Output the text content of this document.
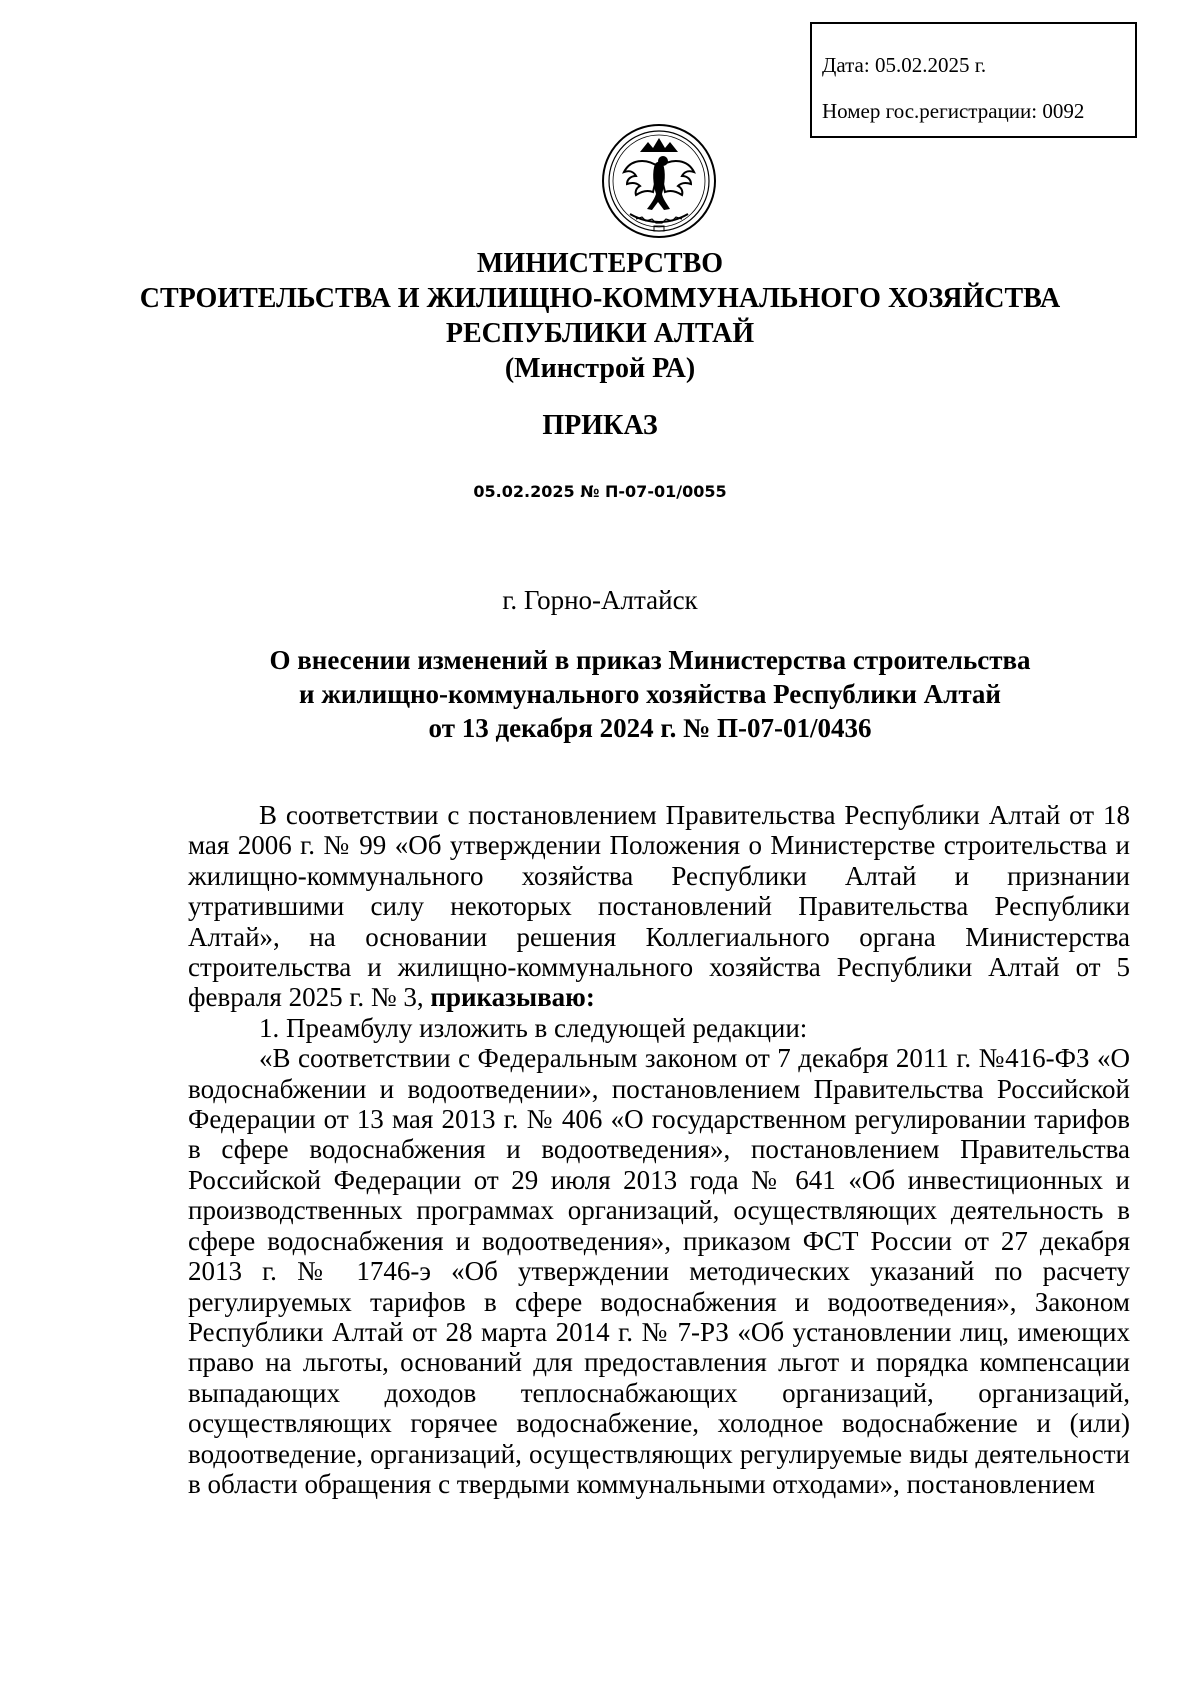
Дата: 05.02.2025 г.
Номер гос.регистрации: 0092
МИНИСТЕРСТВО
СТРОИТЕЛЬСТВА И ЖИЛИЩНО-КОММУНАЛЬНОГО ХОЗЯЙСТВА
РЕСПУБЛИКИ АЛТАЙ
(Минстрой РА)
ПРИКАЗ
05.02.2025 № П-07-01/0055
г. Горно-Алтайск
О внесении изменений в приказ Министерства строительства
и жилищно-коммунального хозяйства Республики Алтай
от 13 декабря 2024 г. № П-07-01/0436

В соответствии с постановлением Правительства Республики Алтай от 18 мая 2006 г. № 99 «Об утверждении Положения о Министерстве строительства и жилищно-коммунального хозяйства Республики Алтай и признании утратившими силу некоторых постановлений Правительства Республики Алтай», на основании решения Коллегиального органа Министерства строительства и жилищно-коммунального хозяйства Республики Алтай от 5 февраля 2025 г. № 3, приказываю:

1. Преамбулу изложить в следующей редакции:

«В соответствии с Федеральным законом от 7 декабря 2011 г. №416-ФЗ «О водоснабжении и водоотведении», постановлением Правительства Российской Федерации от 13 мая 2013 г. № 406 «О государственном регулировании тарифов в сфере водоснабжения и водоотведения», постановлением Правительства Российской Федерации от 29 июля 2013 года № 641 «Об инвестиционных и производственных программах организаций, осуществляющих деятельность в сфере водоснабжения и водоотведения», приказом ФСТ России от 27 декабря 2013 г. № 1746-э «Об утверждении методических указаний по расчету регулируемых тарифов в сфере водоснабжения и водоотведения», Законом Республики Алтай от 28 марта 2014 г. № 7-РЗ «Об установлении лиц, имеющих право на льготы, оснований для предоставления льгот и порядка компенсации выпадающих доходов теплоснабжающих организаций, организаций, осуществляющих горячее водоснабжение, холодное водоснабжение и (или) водоотведение, организаций, осуществляющих регулируемые виды деятельности в области обращения с твердыми коммунальными отходами», постановлением
